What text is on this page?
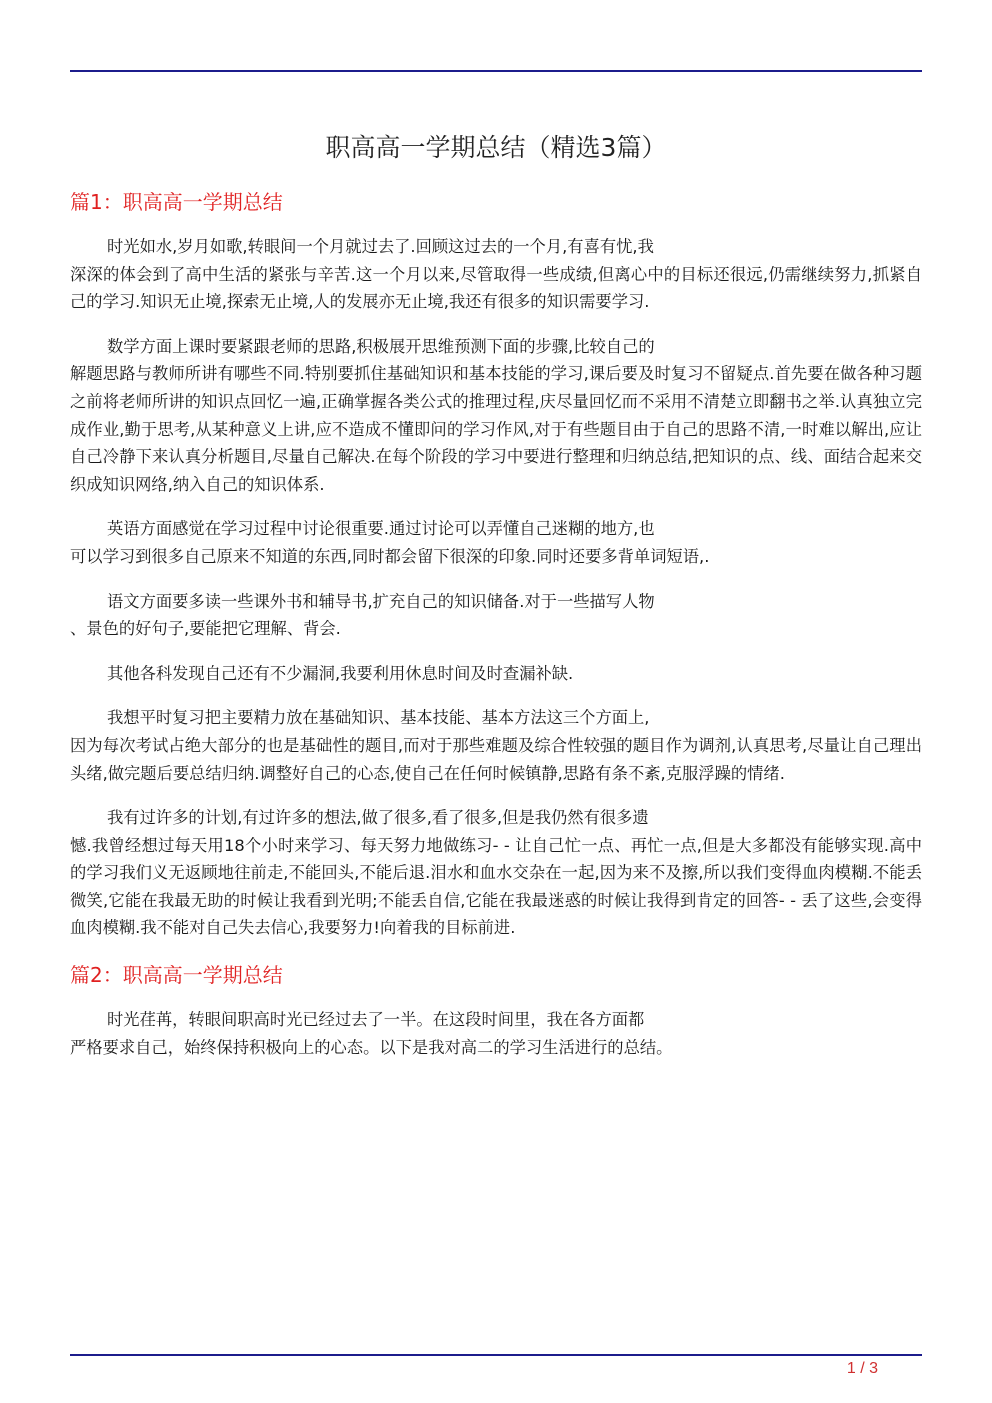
职高高一学期总结（精选3篇）
篇1：职高高一学期总结
时光如水,岁月如歌,转眼间一个月就过去了.回顾这过去的一个月,有喜有忧,我
深深的体会到了高中生活的紧张与辛苦.这一个月以来,尽管取得一些成绩,但离心中的目标还很远,仍需继续努力,抓紧自己的学习.知识无止境,探索无止境,人的发展亦无止境,我还有很多的知识需要学习.
数学方面上课时要紧跟老师的思路,积极展开思维预测下面的步骤,比较自己的
解题思路与教师所讲有哪些不同.特别要抓住基础知识和基本技能的学习,课后要及时复习不留疑点.首先要在做各种习题之前将老师所讲的知识点回忆一遍,正确掌握各类公式的推理过程,庆尽量回忆而不采用不清楚立即翻书之举.认真独立完成作业,勤于思考,从某种意义上讲,应不造成不懂即问的学习作风,对于有些题目由于自己的思路不清,一时难以解出,应让自己冷静下来认真分析题目,尽量自己解决.在每个阶段的学习中要进行整理和归纳总结,把知识的点、线、面结合起来交织成知识网络,纳入自己的知识体系.
英语方面感觉在学习过程中讨论很重要.通过讨论可以弄懂自己迷糊的地方,也
可以学习到很多自己原来不知道的东西,同时都会留下很深的印象.同时还要多背单词短语,.
语文方面要多读一些课外书和辅导书,扩充自己的知识储备.对于一些描写人物
、景色的好句子,要能把它理解、背会.
其他各科发现自己还有不少漏洞,我要利用休息时间及时查漏补缺.
我想平时复习把主要精力放在基础知识、基本技能、基本方法这三个方面上,
因为每次考试占绝大部分的也是基础性的题目,而对于那些难题及综合性较强的题目作为调剂,认真思考,尽量让自己理出头绪,做完题后要总结归纳.调整好自己的心态,使自己在任何时候镇静,思路有条不紊,克服浮躁的情绪.
我有过许多的计划,有过许多的想法,做了很多,看了很多,但是我仍然有很多遗
憾.我曾经想过每天用18个小时来学习、每天努力地做练习- - 让自己忙一点、再忙一点,但是大多都没有能够实现.高中的学习我们义无返顾地往前走,不能回头,不能后退.泪水和血水交杂在一起,因为来不及擦,所以我们变得血肉模糊.不能丢微笑,它能在我最无助的时候让我看到光明;不能丢自信,它能在我最迷惑的时候让我得到肯定的回答- - 丢了这些,会变得血肉模糊.我不能对自己失去信心,我要努力!向着我的目标前进.
篇2：职高高一学期总结
时光荏苒，转眼间职高时光已经过去了一半。在这段时间里，我在各方面都
严格要求自己，始终保持积极向上的心态。以下是我对高二的学习生活进行的总结。
1 / 3
